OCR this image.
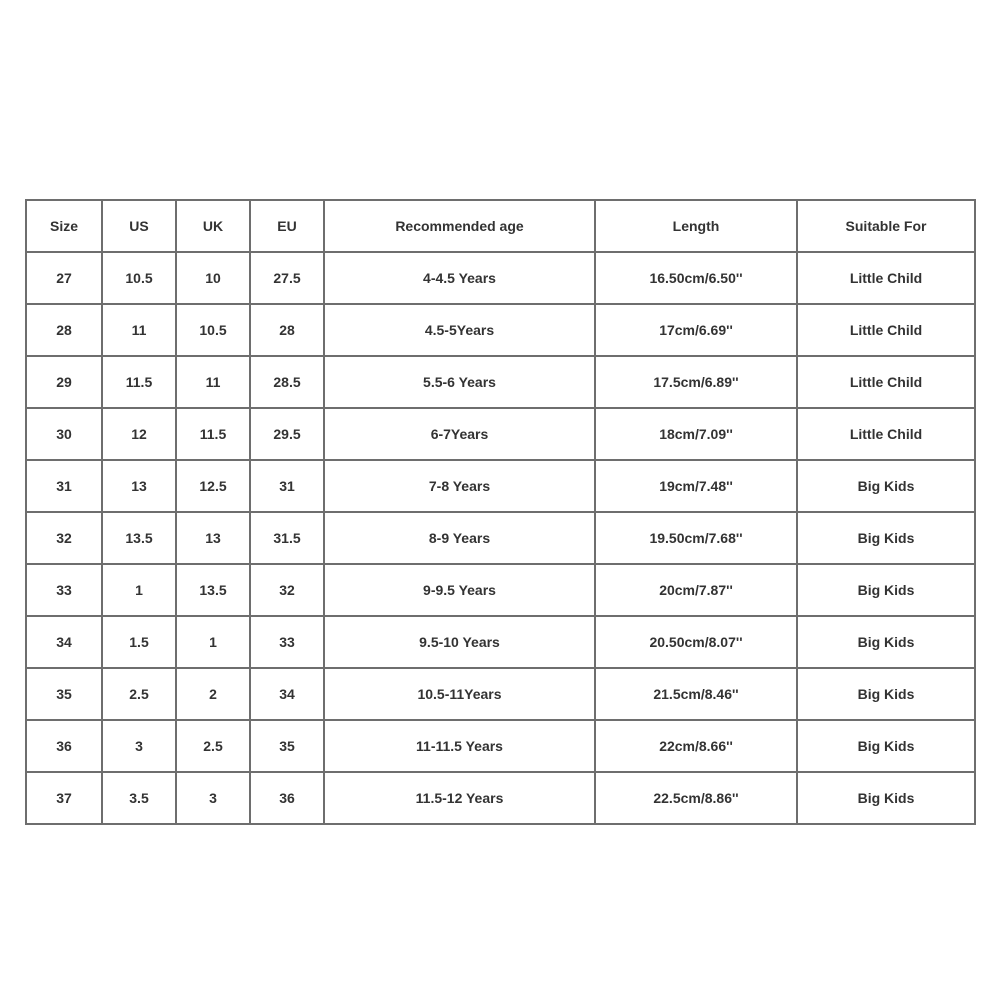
Size	US	UK	EU	Recommended age	Length	Suitable For
27	10.5	10	27.5	4-4.5 Years	16.50cm/6.50''	Little Child
28	11	10.5	28	4.5-5Years	17cm/6.69''	Little Child
29	11.5	11	28.5	5.5-6 Years	17.5cm/6.89''	Little Child
30	12	11.5	29.5	6-7Years	18cm/7.09''	Little Child
31	13	12.5	31	7-8 Years	19cm/7.48''	Big Kids
32	13.5	13	31.5	8-9 Years	19.50cm/7.68''	Big Kids
33	1	13.5	32	9-9.5 Years	20cm/7.87''	Big Kids
34	1.5	1	33	9.5-10 Years	20.50cm/8.07''	Big Kids
35	2.5	2	34	10.5-11Years	21.5cm/8.46''	Big Kids
36	3	2.5	35	11-11.5 Years	22cm/8.66''	Big Kids
37	3.5	3	36	11.5-12 Years	22.5cm/8.86''	Big Kids
